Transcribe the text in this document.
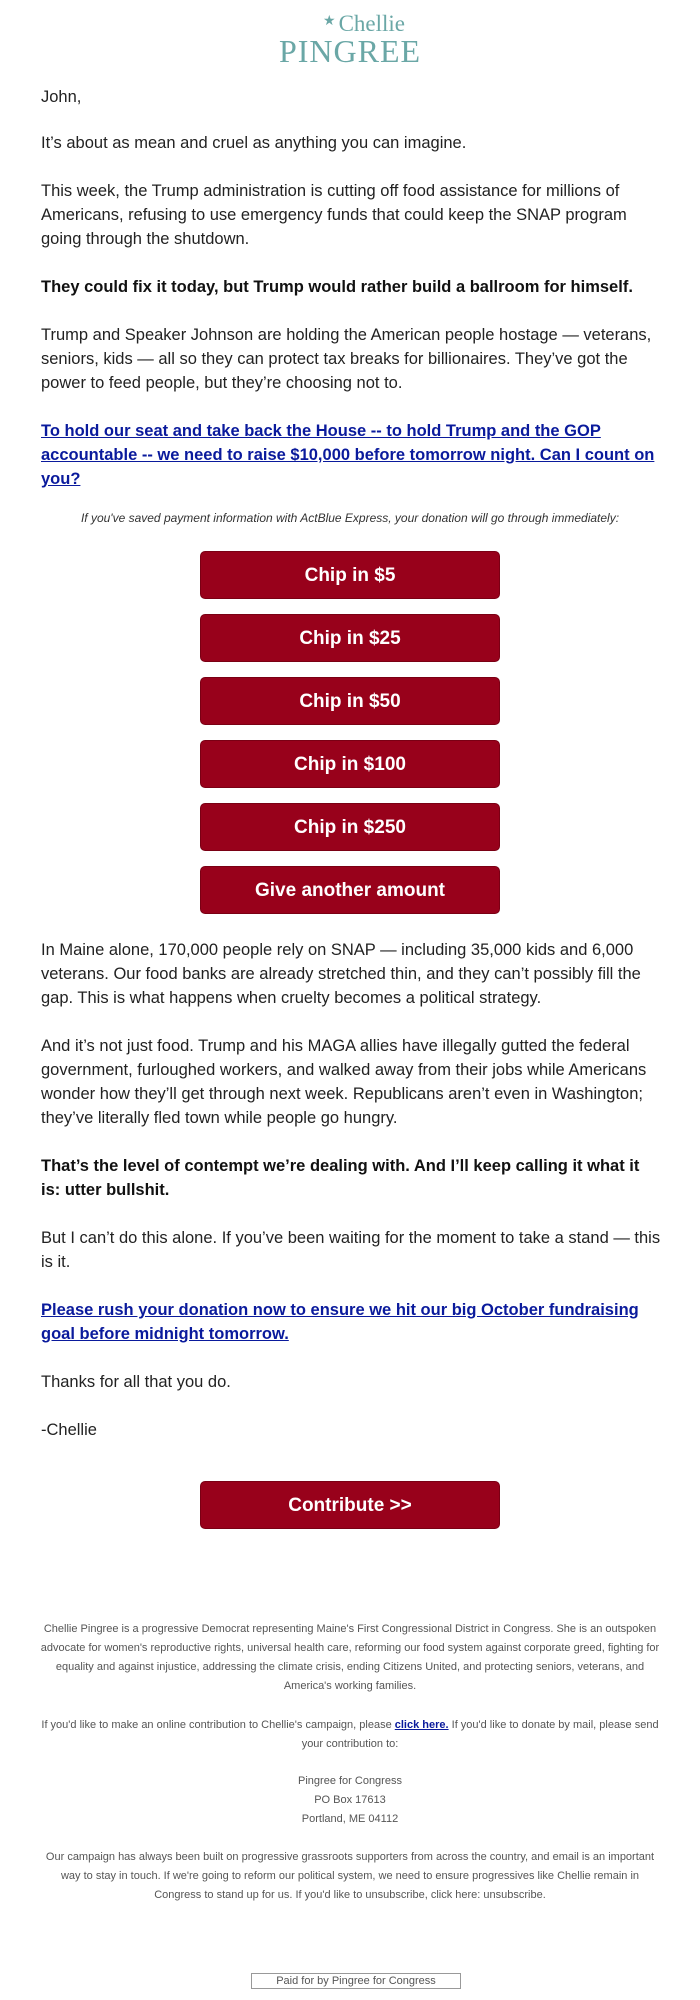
★ Chellie
PINGREE
John,
It’s about as mean and cruel as anything you can imagine.
This week, the Trump administration is cutting off food assistance for millions of Americans, refusing to use emergency funds that could keep the SNAP program going through the shutdown.
They could fix it today, but Trump would rather build a ballroom for himself.
Trump and Speaker Johnson are holding the American people hostage — veterans, seniors, kids — all so they can protect tax breaks for billionaires. They’ve got the power to feed people, but they’re choosing not to.
To hold our seat and take back the House -- to hold Trump and the GOP accountable -- we need to raise $10,000 before tomorrow night. Can I count on you?
If you've saved payment information with ActBlue Express, your donation will go through immediately:
Chip in $5
Chip in $25
Chip in $50
Chip in $100
Chip in $250
Give another amount
In Maine alone, 170,000 people rely on SNAP — including 35,000 kids and 6,000 veterans. Our food banks are already stretched thin, and they can’t possibly fill the gap. This is what happens when cruelty becomes a political strategy.
And it’s not just food. Trump and his MAGA allies have illegally gutted the federal government, furloughed workers, and walked away from their jobs while Americans wonder how they’ll get through next week. Republicans aren’t even in Washington; they’ve literally fled town while people go hungry.
That’s the level of contempt we’re dealing with. And I’ll keep calling it what it is: utter bullshit.
But I can’t do this alone. If you’ve been waiting for the moment to take a stand — this is it.
Please rush your donation now to ensure we hit our big October fundraising goal before midnight tomorrow.
Thanks for all that you do.
-Chellie
Contribute >>
Chellie Pingree is a progressive Democrat representing Maine's First Congressional District in Congress. She is an outspoken advocate for women's reproductive rights, universal health care, reforming our food system against corporate greed, fighting for equality and against injustice, addressing the climate crisis, ending Citizens United, and protecting seniors, veterans, and America's working families.
If you'd like to make an online contribution to Chellie's campaign, please click here. If you'd like to donate by mail, please send your contribution to:
Pingree for Congress
PO Box 17613
Portland, ME 04112
Our campaign has always been built on progressive grassroots supporters from across the country, and email is an important way to stay in touch. If we're going to reform our political system, we need to ensure progressives like Chellie remain in Congress to stand up for us. If you'd like to unsubscribe, click here: unsubscribe.
Paid for by Pingree for Congress
